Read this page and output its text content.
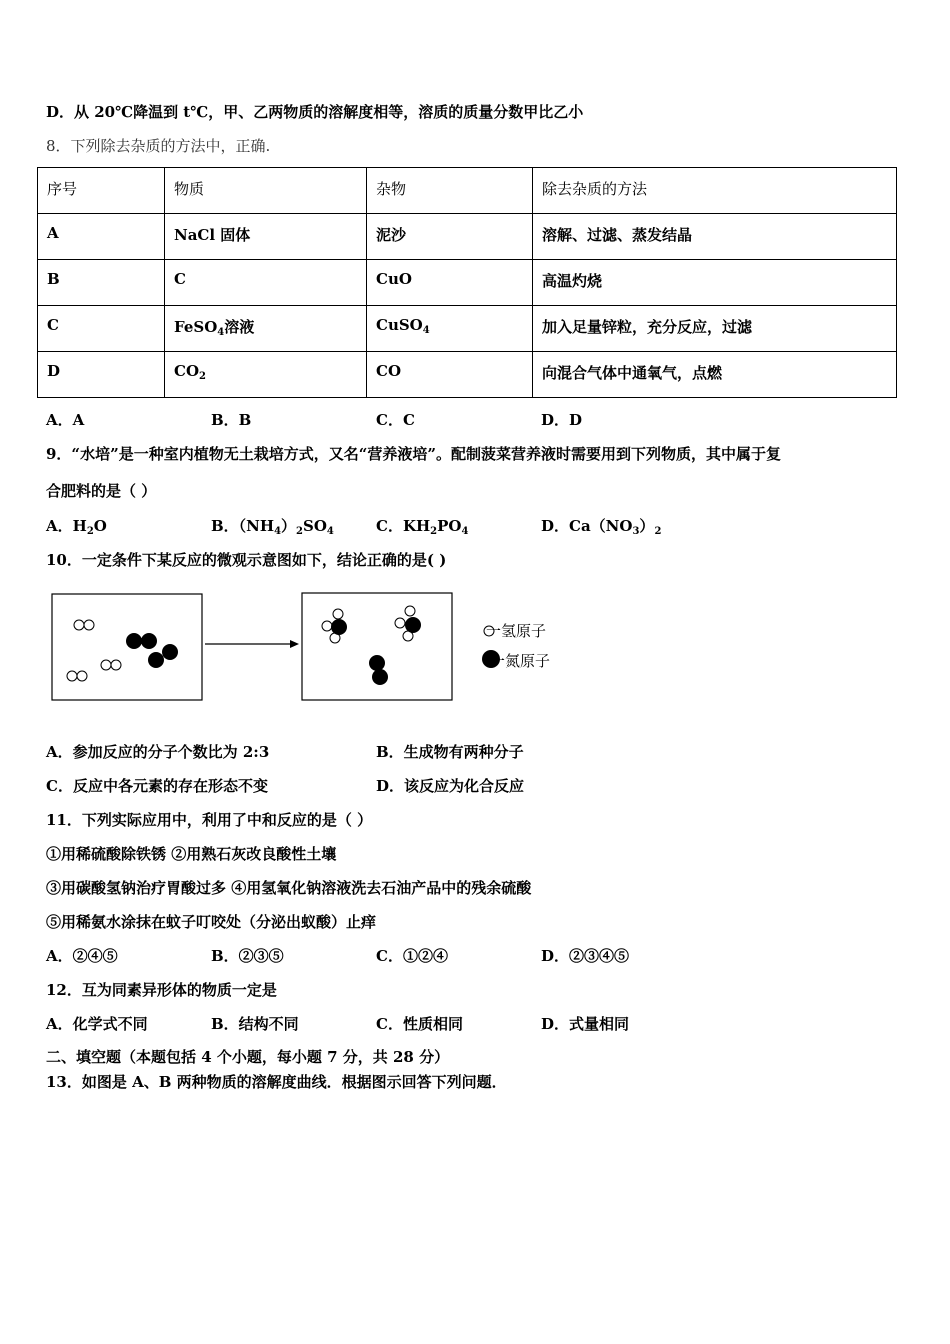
D．从 20℃降温到 t℃，甲、乙两物质的溶解度相等，溶质的质量分数甲比乙小
8．下列除去杂质的方法中，正确.
序号	物质	杂物	除去杂质的方法
A	NaCl 固体	泥沙	溶解、过滤、蒸发结晶
B	C	CuO	高温灼烧
C	FeSO$_4$溶液	CuSO$_4$	加入足量锌粒，充分反应，过滤
D	$CO_2$	CO	向混合气体中通氧气，点燃
A．A	B．B	C．C	D．D
9．“水培”是一种室内植物无土栽培方式，又名“营养液培”。配制菠菜营养液时需要用到下列物质，其中属于复
合肥料的是（ ）
A．$H_2O$	B．$(NH_4)_2SO_4$	C．$KH_2PO_4$	D．$Ca(NO_3)_2$
10．一定条件下某反应的微观示意图如下，结论正确的是( )
一氢原子
一氮原子
A．参加反应的分子个数比为 2:3	B．生成物有两种分子
C．反应中各元素的存在形态不变	D．该反应为化合反应
11．下列实际应用中，利用了中和反应的是（ ）
①用稀硫酸除铁锈 ②用熟石灰改良酸性土壤
③用碳酸氢钠治疗胃酸过多 ④用氢氧化钠溶液洗去石油产品中的残余硫酸
⑤用稀氨水涂抹在蚊子叮咬处（分泌出蚁酸）止痒
A．②④⑤	B．②③⑤	C．①②④	D．②③④⑤
12．互为同素异形体的物质一定是
A．化学式不同	B．结构不同	C．性质相同	D．式量相同
二、填空题（本题包括 4 个小题，每小题 7 分，共 28 分）
13．如图是 A、B 两种物质的溶解度曲线．根据图示回答下列问题．
